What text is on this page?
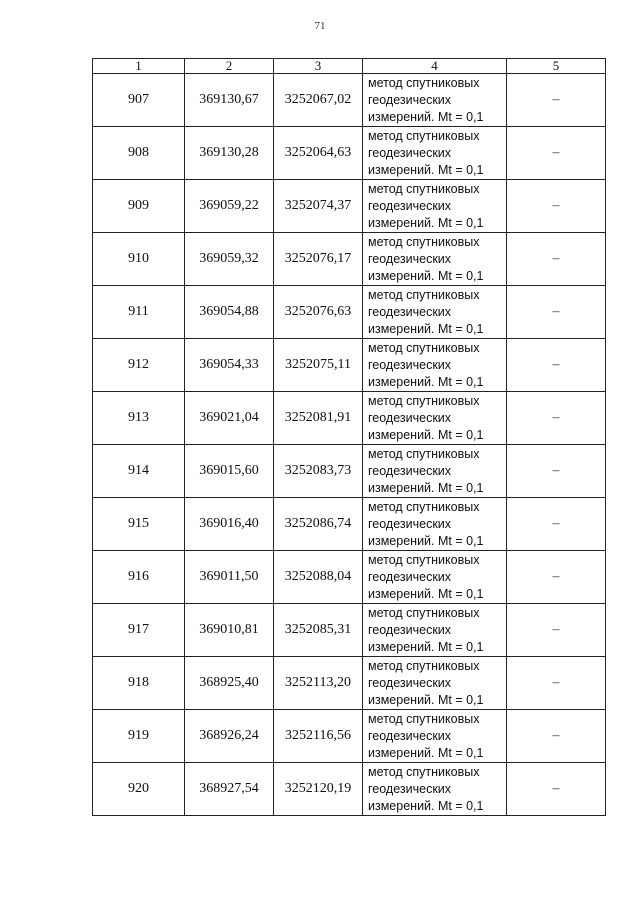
71
1	2	3	4	5
907	369130,67	3252067,02	метод спутниковых
геодезических
измерений. Mt = 0,1	–
908	369130,28	3252064,63	метод спутниковых
геодезических
измерений. Mt = 0,1	–
909	369059,22	3252074,37	метод спутниковых
геодезических
измерений. Mt = 0,1	–
910	369059,32	3252076,17	метод спутниковых
геодезических
измерений. Mt = 0,1	–
911	369054,88	3252076,63	метод спутниковых
геодезических
измерений. Mt = 0,1	–
912	369054,33	3252075,11	метод спутниковых
геодезических
измерений. Mt = 0,1	–
913	369021,04	3252081,91	метод спутниковых
геодезических
измерений. Mt = 0,1	–
914	369015,60	3252083,73	метод спутниковых
геодезических
измерений. Mt = 0,1	–
915	369016,40	3252086,74	метод спутниковых
геодезических
измерений. Mt = 0,1	–
916	369011,50	3252088,04	метод спутниковых
геодезических
измерений. Mt = 0,1	–
917	369010,81	3252085,31	метод спутниковых
геодезических
измерений. Mt = 0,1	–
918	368925,40	3252113,20	метод спутниковых
геодезических
измерений. Mt = 0,1	–
919	368926,24	3252116,56	метод спутниковых
геодезических
измерений. Mt = 0,1	–
920	368927,54	3252120,19	метод спутниковых
геодезических
измерений. Mt = 0,1	–
